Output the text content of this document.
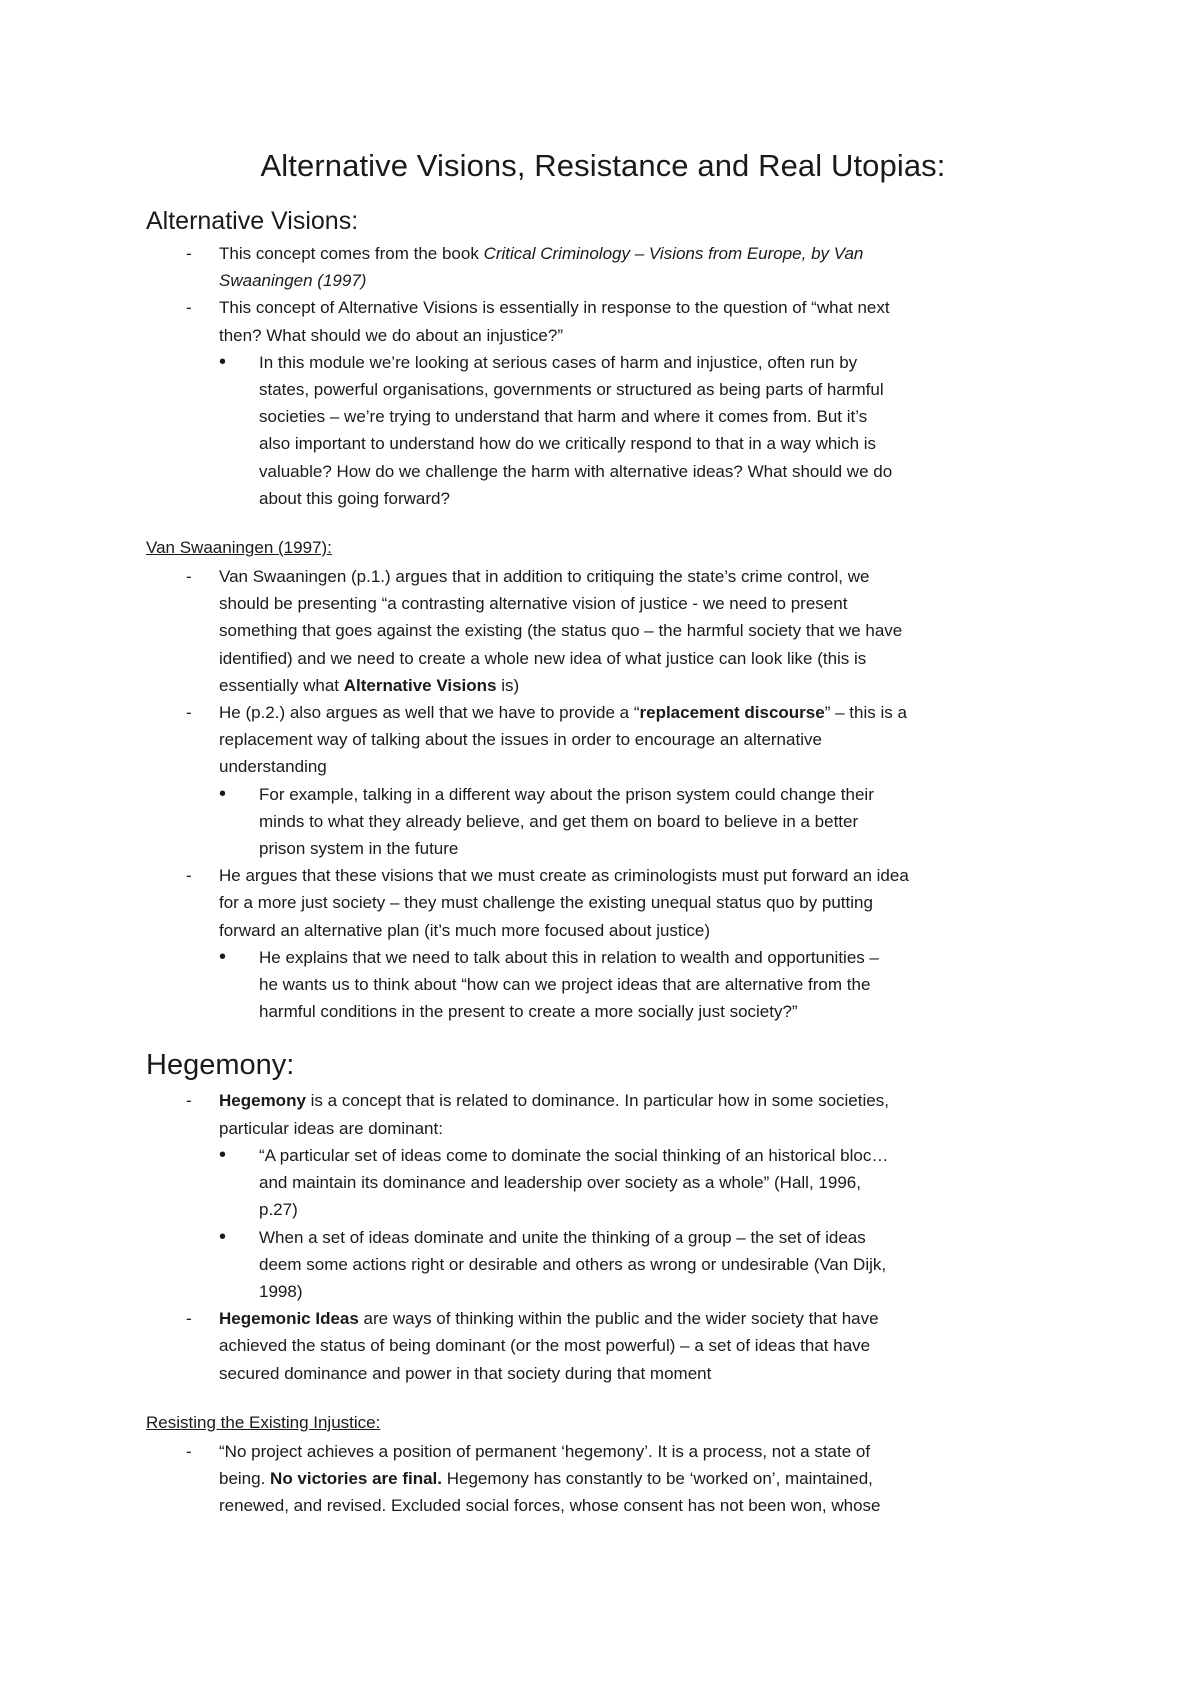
Alternative Visions, Resistance and Real Utopias:
Alternative Visions:
- This concept comes from the book Critical Criminology – Visions from Europe, by Van
Swaaningen (1997)
- This concept of Alternative Visions is essentially in response to the question of “what next
then? What should we do about an injustice?”
• In this module we’re looking at serious cases of harm and injustice, often run by
states, powerful organisations, governments or structured as being parts of harmful
societies – we’re trying to understand that harm and where it comes from. But it’s
also important to understand how do we critically respond to that in a way which is
valuable? How do we challenge the harm with alternative ideas? What should we do
about this going forward?
Van Swaaningen (1997):
- Van Swaaningen (p.1.) argues that in addition to critiquing the state’s crime control, we
should be presenting “a contrasting alternative vision of justice - we need to present
something that goes against the existing (the status quo – the harmful society that we have
identified) and we need to create a whole new idea of what justice can look like (this is
essentially what Alternative Visions is)
- He (p.2.) also argues as well that we have to provide a “replacement discourse” – this is a
replacement way of talking about the issues in order to encourage an alternative
understanding
• For example, talking in a different way about the prison system could change their
minds to what they already believe, and get them on board to believe in a better
prison system in the future
- He argues that these visions that we must create as criminologists must put forward an idea
for a more just society – they must challenge the existing unequal status quo by putting
forward an alternative plan (it’s much more focused about justice)
• He explains that we need to talk about this in relation to wealth and opportunities –
he wants us to think about “how can we project ideas that are alternative from the
harmful conditions in the present to create a more socially just society?”
Hegemony:
- Hegemony is a concept that is related to dominance. In particular how in some societies,
particular ideas are dominant:
• “A particular set of ideas come to dominate the social thinking of an historical bloc…
and maintain its dominance and leadership over society as a whole” (Hall, 1996,
p.27)
• When a set of ideas dominate and unite the thinking of a group – the set of ideas
deem some actions right or desirable and others as wrong or undesirable (Van Dijk,
1998)
- Hegemonic Ideas are ways of thinking within the public and the wider society that have
achieved the status of being dominant (or the most powerful) – a set of ideas that have
secured dominance and power in that society during that moment
Resisting the Existing Injustice:
- “No project achieves a position of permanent ‘hegemony’. It is a process, not a state of
being. No victories are final. Hegemony has constantly to be ‘worked on’, maintained,
renewed, and revised. Excluded social forces, whose consent has not been won, whose
